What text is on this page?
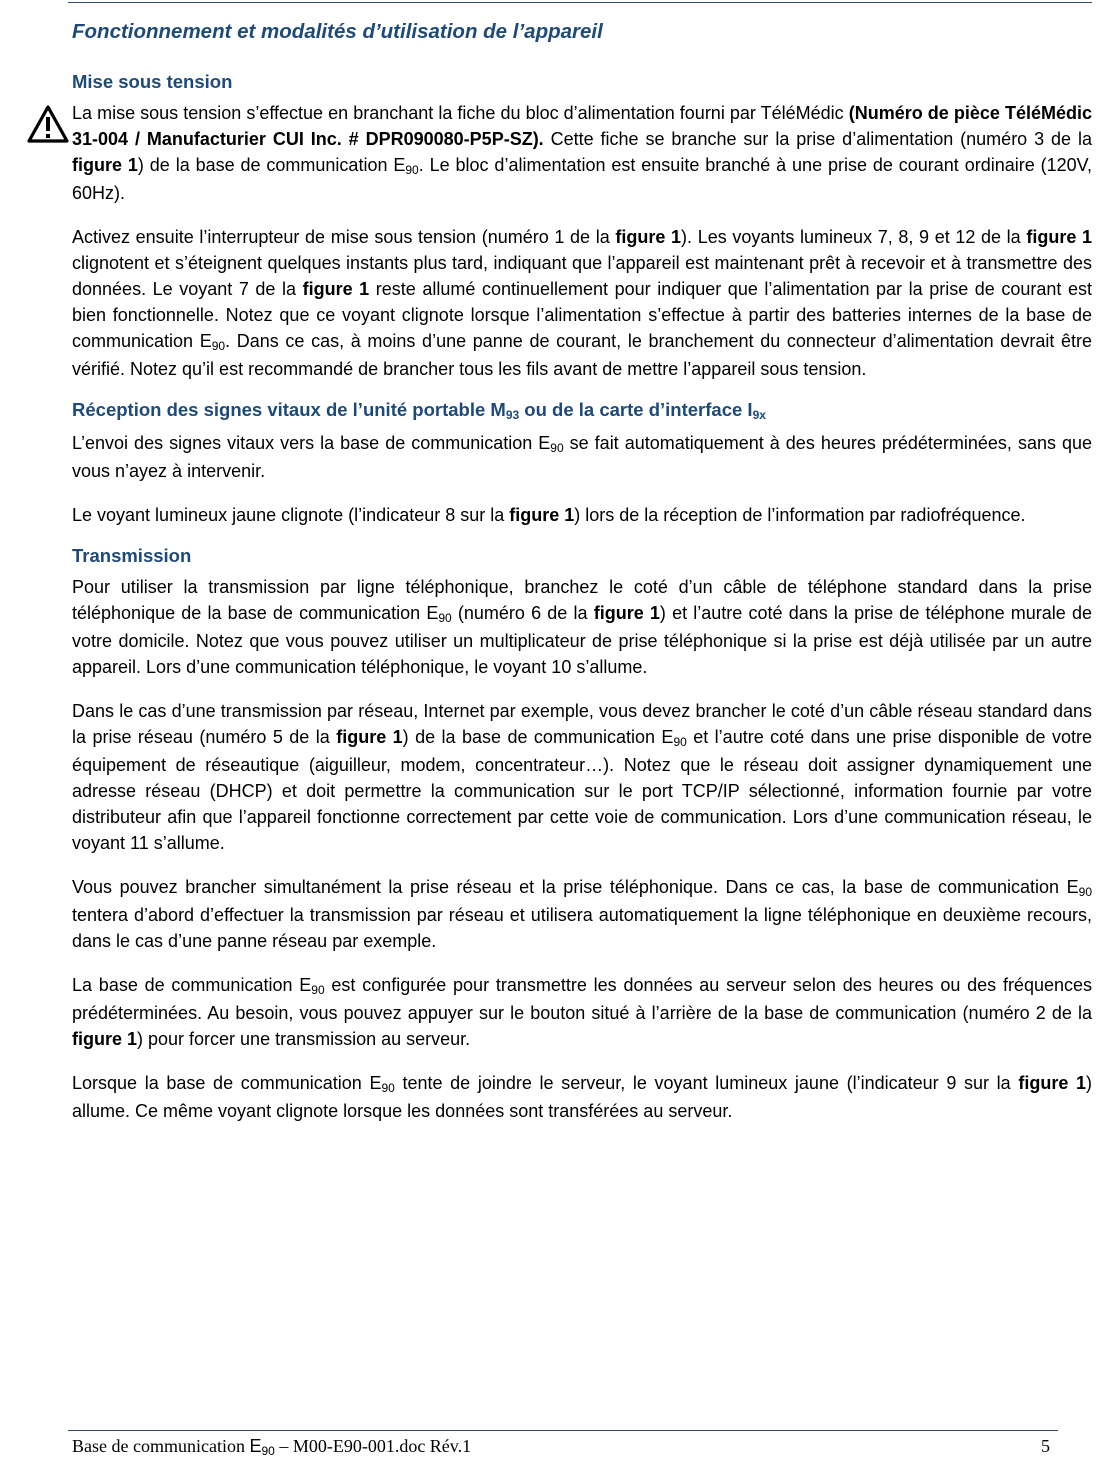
Fonctionnement et modalités d’utilisation de l’appareil
Mise sous tension

La mise sous tension s’effectue en branchant la fiche du bloc d’alimentation fourni par TéléMédic (Numéro de pièce TéléMédic 31-004 / Manufacturier CUI Inc. # DPR090080-P5P-SZ). Cette fiche se branche sur la prise d’alimentation (numéro 3 de la figure 1) de la base de communication $E_{90}$. Le bloc d’alimentation est ensuite branché à une prise de courant ordinaire (120V, 60Hz).

Activez ensuite l’interrupteur de mise sous tension (numéro 1 de la figure 1). Les voyants lumineux 7, 8, 9 et 12 de la figure 1 clignotent et s’éteignent quelques instants plus tard, indiquant que l’appareil est maintenant prêt à recevoir et à transmettre des données. Le voyant 7 de la figure 1 reste allumé continuellement pour indiquer que l’alimentation par la prise de courant est bien fonctionnelle. Notez que ce voyant clignote lorsque l’alimentation s’effectue à partir des batteries internes de la base de communication $E_{90}$. Dans ce cas, à moins d’une panne de courant, le branchement du connecteur d’alimentation devrait être vérifié. Notez qu’il est recommandé de brancher tous les fils avant de mettre l’appareil sous tension.

Réception des signes vitaux de l’unité portable $M_{93}$ ou de la carte d’interface $I_{9x}$

L’envoi des signes vitaux vers la base de communication $E_{90}$ se fait automatiquement à des heures prédéterminées, sans que vous n’ayez à intervenir.

Le voyant lumineux jaune clignote (l’indicateur 8 sur la figure 1) lors de la réception de l’information par radiofréquence.

Transmission

Pour utiliser la transmission par ligne téléphonique, branchez le coté d’un câble de téléphone standard dans la prise téléphonique de la base de communication $E_{90}$ (numéro 6 de la figure 1) et l’autre coté dans la prise de téléphone murale de votre domicile. Notez que vous pouvez utiliser un multiplicateur de prise téléphonique si la prise est déjà utilisée par un autre appareil. Lors d’une communication téléphonique, le voyant 10 s’allume.

Dans le cas d’une transmission par réseau, Internet par exemple, vous devez brancher le coté d’un câble réseau standard dans la prise réseau (numéro 5 de la figure 1) de la base de communication $E_{90}$ et l’autre coté dans une prise disponible de votre équipement de réseautique (aiguilleur, modem, concentrateur…). Notez que le réseau doit assigner dynamiquement une adresse réseau (DHCP) et doit permettre la communication sur le port TCP/IP sélectionné, information fournie par votre distributeur afin que l’appareil fonctionne correctement par cette voie de communication. Lors d’une communication réseau, le voyant 11 s’allume.

Vous pouvez brancher simultanément la prise réseau et la prise téléphonique. Dans ce cas, la base de communication $E_{90}$ tentera d’abord d’effectuer la transmission par réseau et utilisera automatiquement la ligne téléphonique en deuxième recours, dans le cas d’une panne réseau par exemple.

La base de communication $E_{90}$ est configurée pour transmettre les données au serveur selon des heures ou des fréquences prédéterminées. Au besoin, vous pouvez appuyer sur le bouton situé à l’arrière de la base de communication (numéro 2 de la figure 1) pour forcer une transmission au serveur.

Lorsque la base de communication $E_{90}$ tente de joindre le serveur, le voyant lumineux jaune (l’indicateur 9 sur la figure 1) allume. Ce même voyant clignote lorsque les données sont transférées au serveur.

Base de communication $E_{90} - M00-E90-001.doc$ Rév.1	5
